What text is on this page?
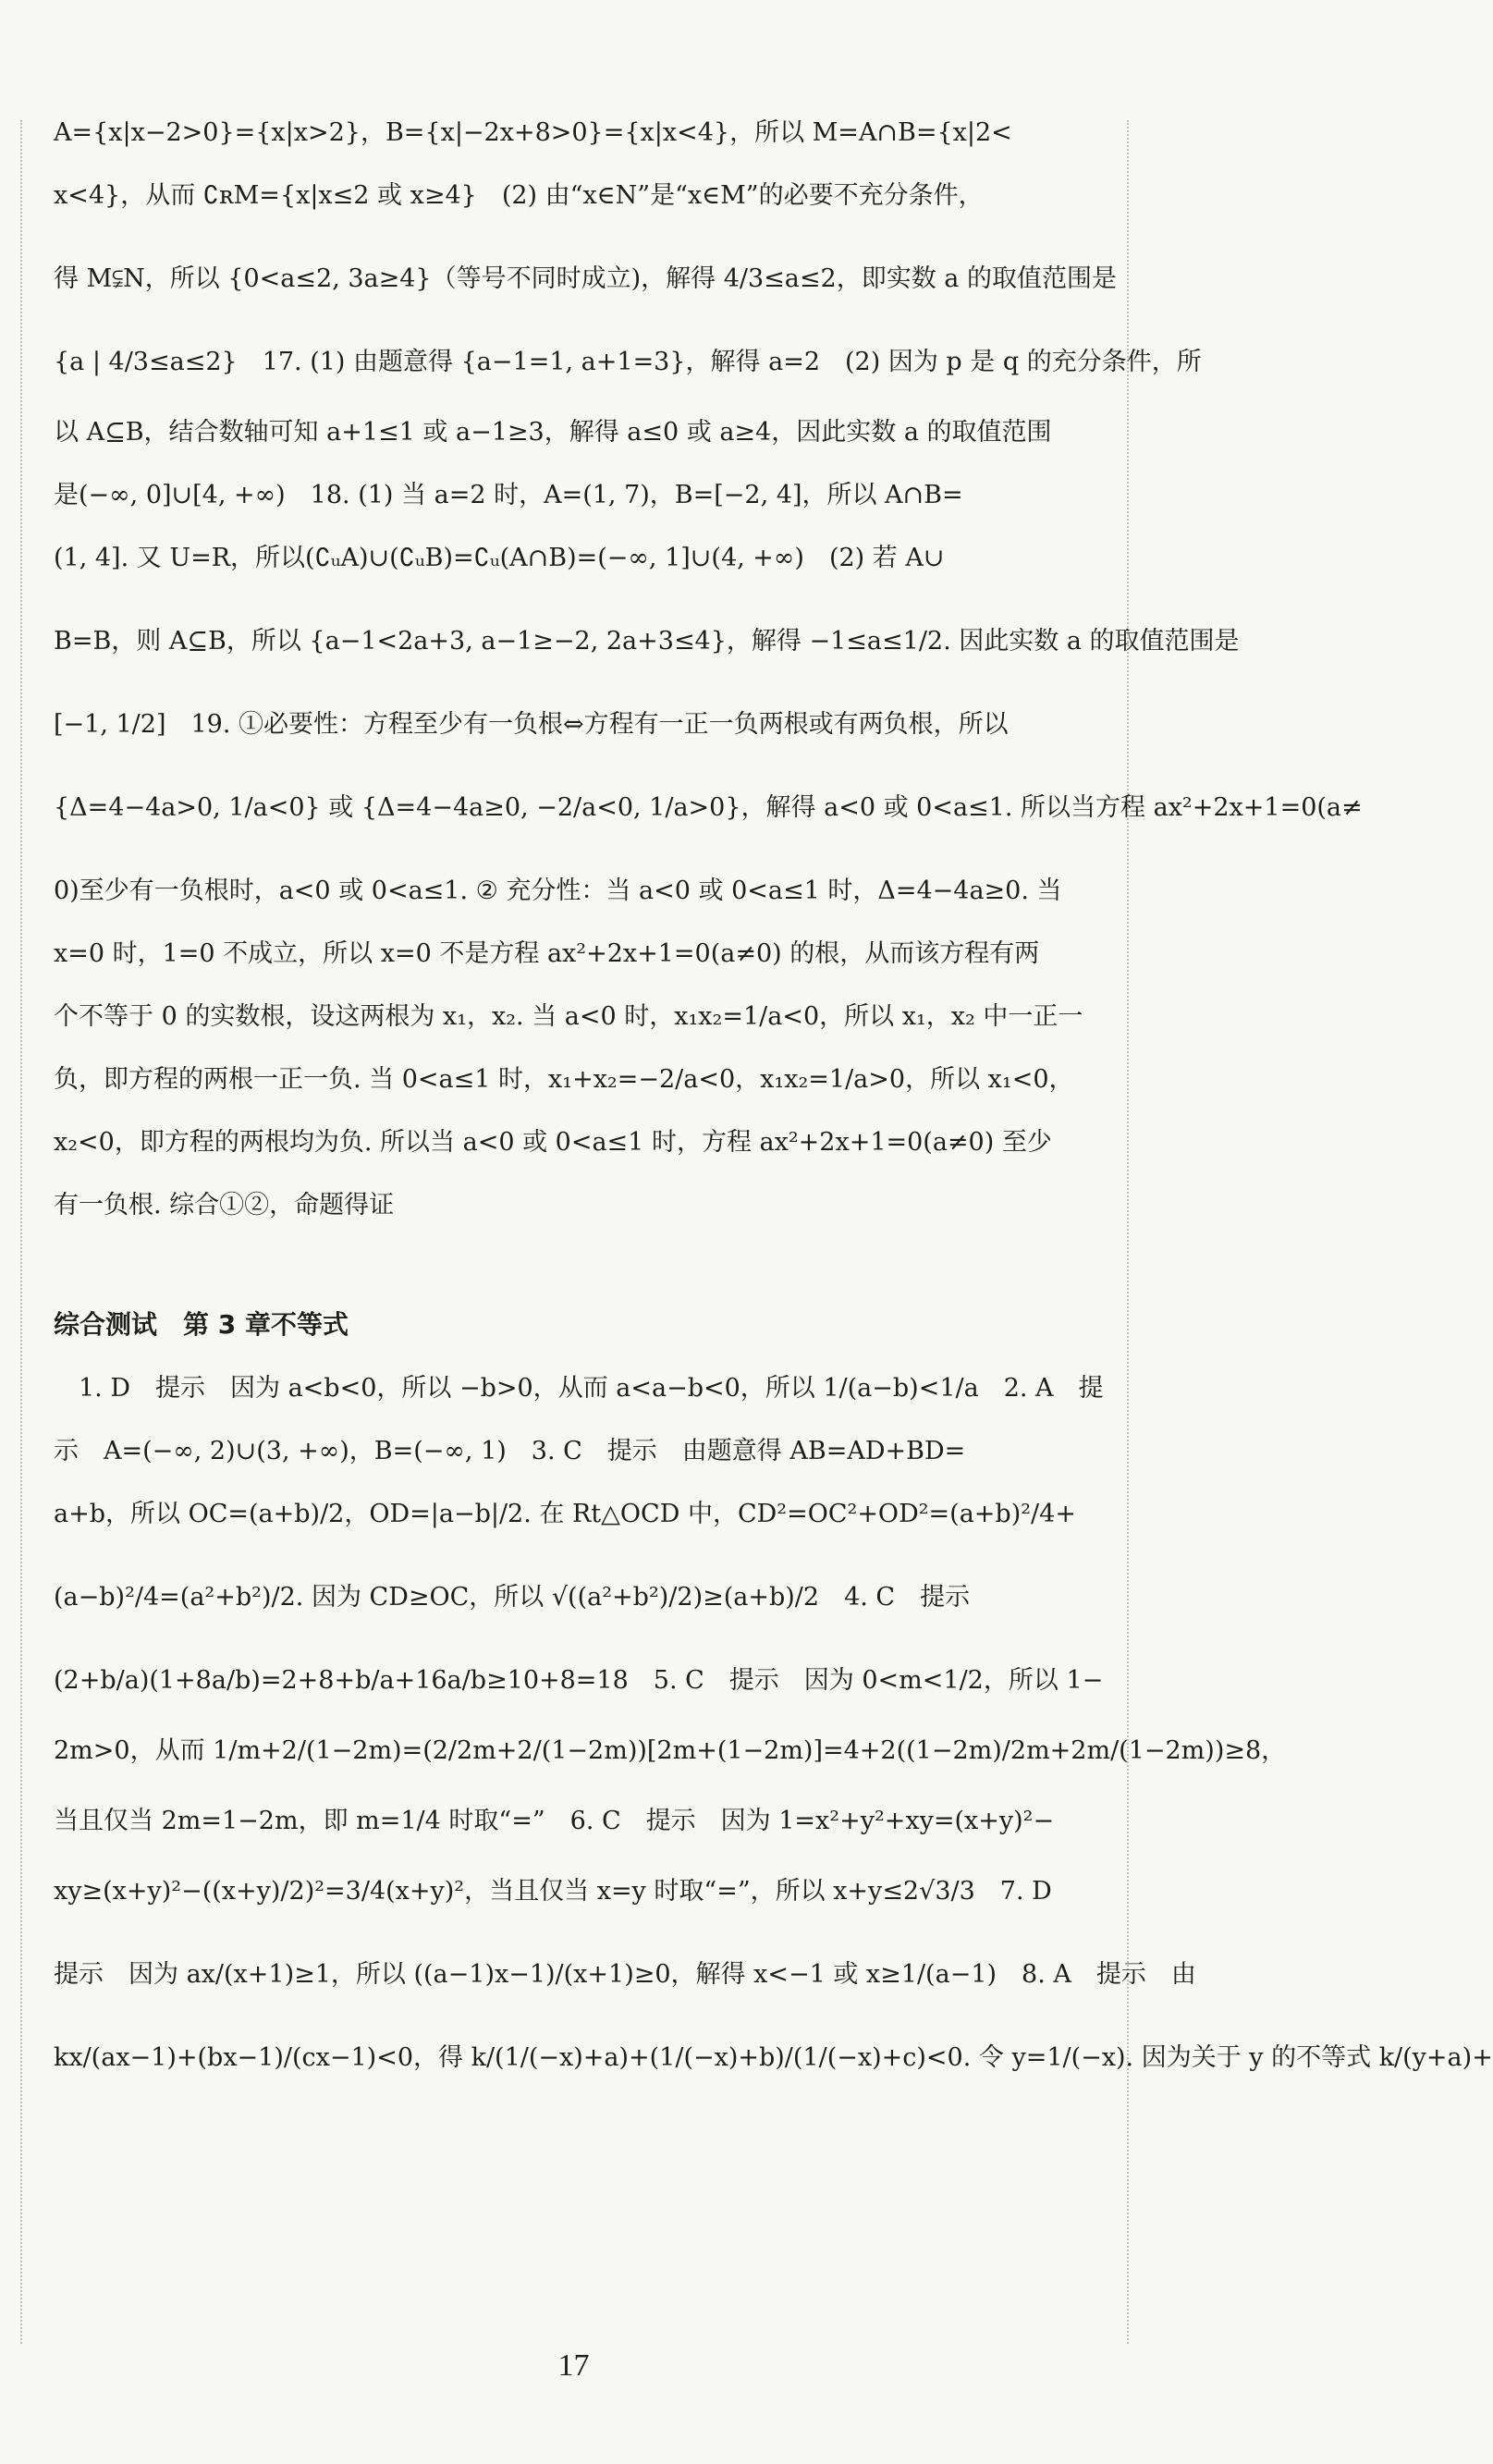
A={x|x−2>0}={x|x>2}，B={x|−2x+8>0}={x|x<4}，所以 M=A∩B={x|2<
x<4}，从而 ∁ʀM={x|x≤2 或 x≥4}　(2) 由“x∈N”是“x∈M”的必要不充分条件，
得 M⫋N，所以 {0<a≤2, 3a≥4}（等号不同时成立)，解得 4/3≤a≤2，即实数 a 的取值范围是
{a | 4/3≤a≤2}　17. (1) 由题意得 {a−1=1, a+1=3}，解得 a=2　(2) 因为 p 是 q 的充分条件，所
以 A⊆B，结合数轴可知 a+1≤1 或 a−1≥3，解得 a≤0 或 a≥4，因此实数 a 的取值范围
是(−∞, 0]∪[4, +∞)　18. (1) 当 a=2 时，A=(1, 7)，B=[−2, 4]，所以 A∩B=
(1, 4]. 又 U=R，所以(∁ᵤA)∪(∁ᵤB)=∁ᵤ(A∩B)=(−∞, 1]∪(4, +∞)　(2) 若 A∪
B=B，则 A⊆B，所以 {a−1<2a+3, a−1≥−2, 2a+3≤4}，解得 −1≤a≤1/2. 因此实数 a 的取值范围是
[−1, 1/2]　19. ①必要性：方程至少有一负根⇔方程有一正一负两根或有两负根，所以
{Δ=4−4a>0, 1/a<0} 或 {Δ=4−4a≥0, −2/a<0, 1/a>0}，解得 a<0 或 0<a≤1. 所以当方程 ax²+2x+1=0(a≠
0)至少有一负根时，a<0 或 0<a≤1. ② 充分性：当 a<0 或 0<a≤1 时，Δ=4−4a≥0. 当
x=0 时，1=0 不成立，所以 x=0 不是方程 ax²+2x+1=0(a≠0) 的根，从而该方程有两
个不等于 0 的实数根，设这两根为 x₁，x₂. 当 a<0 时，x₁x₂=1/a<0，所以 x₁，x₂ 中一正一
负，即方程的两根一正一负. 当 0<a≤1 时，x₁+x₂=−2/a<0，x₁x₂=1/a>0，所以 x₁<0，
x₂<0，即方程的两根均为负. 所以当 a<0 或 0<a≤1 时，方程 ax²+2x+1=0(a≠0) 至少
有一负根. 综合①②，命题得证
综合测试　第 3 章不等式
　1. D　提示　因为 a<b<0，所以 −b>0，从而 a<a−b<0，所以 1/(a−b)<1/a　2. A　提
示　A=(−∞, 2)∪(3, +∞)，B=(−∞, 1)　3. C　提示　由题意得 AB=AD+BD=
a+b，所以 OC=(a+b)/2，OD=|a−b|/2. 在 Rt△OCD 中，CD²=OC²+OD²=(a+b)²/4+
(a−b)²/4=(a²+b²)/2. 因为 CD≥OC，所以 √((a²+b²)/2)≥(a+b)/2　4. C　提示
(2+b/a)(1+8a/b)=2+8+b/a+16a/b≥10+8=18　5. C　提示　因为 0<m<1/2，所以 1−
2m>0，从而 1/m+2/(1−2m)=(2/2m+2/(1−2m))[2m+(1−2m)]=4+2((1−2m)/2m+2m/(1−2m))≥8，
当且仅当 2m=1−2m，即 m=1/4 时取“=”　6. C　提示　因为 1=x²+y²+xy=(x+y)²−
xy≥(x+y)²−((x+y)/2)²=3/4(x+y)²，当且仅当 x=y 时取“=”，所以 x+y≤2√3/3　7. D
提示　因为 ax/(x+1)≥1，所以 ((a−1)x−1)/(x+1)≥0，解得 x<−1 或 x≥1/(a−1)　8. A　提示　由
kx/(ax−1)+(bx−1)/(cx−1)<0，得 k/(1/(−x)+a)+(1/(−x)+b)/(1/(−x)+c)<0. 令 y=1/(−x). 因为关于 y 的不等式 k/(y+a)+
17
